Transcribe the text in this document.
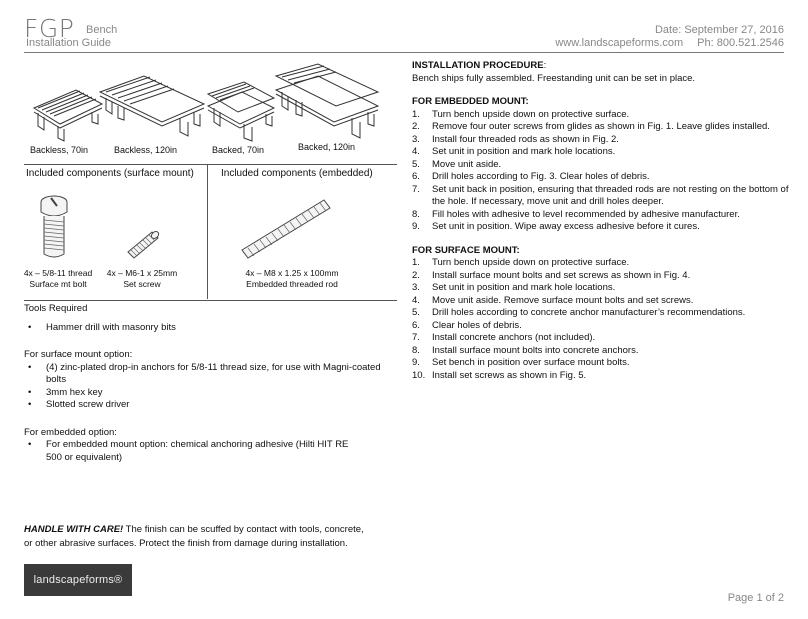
FGP Bench
Installation Guide
Date: September 27, 2016
www.landscapeforms.com Ph: 800.521.2546
Backless, 70in	Backless, 120in	Backed, 70in	Backed, 120in
Included components (surface mount)	Included components (embedded)
4x – 5/8-11 thread
Surface mt bolt
4x – M6-1 x 25mm
Set screw
4x – M8 x 1.25 x 100mm
Embedded threaded rod

Tools Required

• Hammer drill with masonry bits

For surface mount option:

• (4) zinc-plated drop-in anchors for 5/8-11 thread size, for use with Magni-coated bolts
• 3mm hex key
• Slotted screw driver

For embedded option:

• For embedded mount option: chemical anchoring adhesive (Hilti HIT RE 500 or equivalent)
HANDLE WITH CARE! The finish can be scuffed by contact with tools, concrete,
or other abrasive surfaces. Protect the finish from damage during installation.
landscapeforms®
Page 1 of 2

INSTALLATION PROCEDURE:

Bench ships fully assembled. Freestanding unit can be set in place.

FOR EMBEDDED MOUNT:

1. Turn bench upside down on protective surface.
2. Remove four outer screws from glides as shown in Fig. 1. Leave glides installed.
3. Install four threaded rods as shown in Fig. 2.
4. Set unit in position and mark hole locations.
5. Move unit aside.
6. Drill holes according to Fig. 3. Clear holes of debris.
7. Set unit back in position, ensuring that threaded rods are not resting on the bottom of the hole. If necessary, move unit and drill holes deeper.
8. Fill holes with adhesive to level recommended by adhesive manufacturer.
9. Set unit in position. Wipe away excess adhesive before it cures.

FOR SURFACE MOUNT:

1. Turn bench upside down on protective surface.
2. Install surface mount bolts and set screws as shown in Fig. 4.
3. Set unit in position and mark hole locations.
4. Move unit aside. Remove surface mount bolts and set screws.
5. Drill holes according to concrete anchor manufacturer’s recommendations.
6. Clear holes of debris.
7. Install concrete anchors (not included).
8. Install surface mount bolts into concrete anchors.
9. Set bench in position over surface mount bolts.
10. Install set screws as shown in Fig. 5.
